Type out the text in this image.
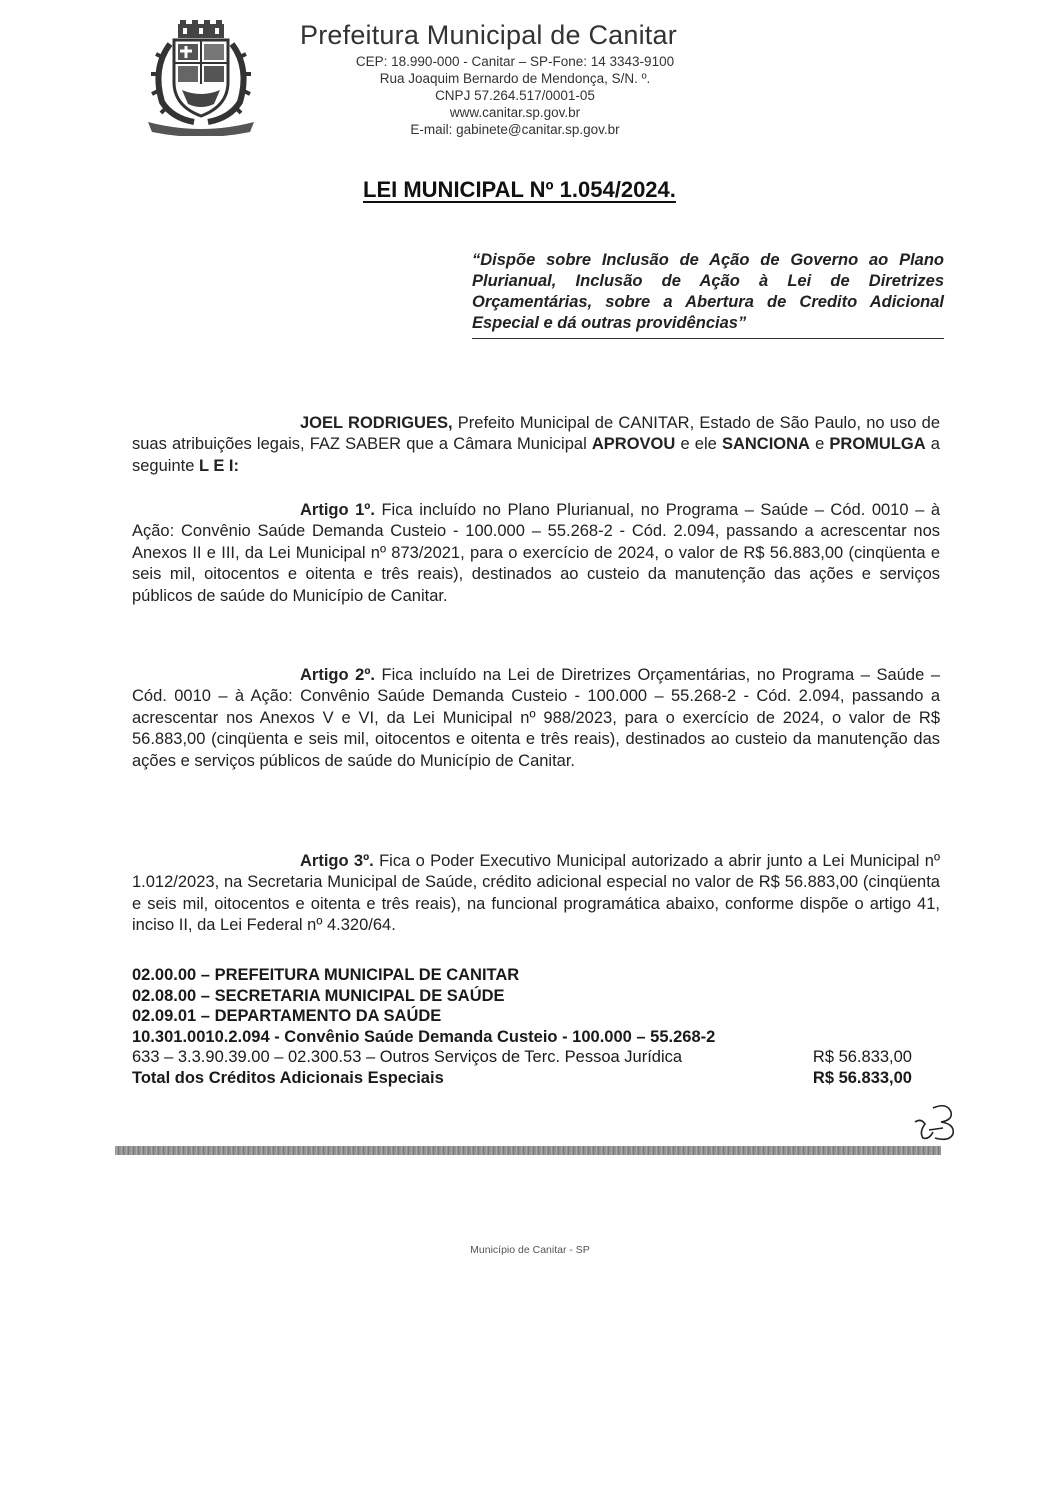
Prefeitura Municipal de Canitar
CEP: 18.990-000 - Canitar – SP-Fone: 14 3343-9100
Rua Joaquim Bernardo de Mendonça, S/N. º.
CNPJ 57.264.517/0001-05
www.canitar.sp.gov.br
E-mail: gabinete@canitar.sp.gov.br
LEI MUNICIPAL Nº 1.054/2024.
“Dispõe sobre Inclusão de Ação de Governo ao Plano Plurianual, Inclusão de Ação à Lei de Diretrizes Orçamentárias, sobre a Abertura de Credito Adicional Especial e dá outras providências”

JOEL RODRIGUES, Prefeito Municipal de CANITAR, Estado de São Paulo, no uso de suas atribuições legais, FAZ SABER que a Câmara Municipal APROVOU e ele SANCIONA e PROMULGA a seguinte L E I:

Artigo 1º. Fica incluído no Plano Plurianual, no Programa – Saúde – Cód. 0010 – à Ação: Convênio Saúde Demanda Custeio - 100.000 – 55.268-2 - Cód. 2.094, passando a acrescentar nos Anexos II e III, da Lei Municipal nº 873/2021, para o exercício de 2024, o valor de R$ 56.883,00 (cinqüenta e seis mil, oitocentos e oitenta e três reais), destinados ao custeio da manutenção das ações e serviços públicos de saúde do Município de Canitar.

Artigo 2º. Fica incluído na Lei de Diretrizes Orçamentárias, no Programa – Saúde – Cód. 0010 – à Ação: Convênio Saúde Demanda Custeio - 100.000 – 55.268-2 - Cód. 2.094, passando a acrescentar nos Anexos V e VI, da Lei Municipal nº 988/2023, para o exercício de 2024, o valor de R$ 56.883,00 (cinqüenta e seis mil, oitocentos e oitenta e três reais), destinados ao custeio da manutenção das ações e serviços públicos de saúde do Município de Canitar.

Artigo 3º. Fica o Poder Executivo Municipal autorizado a abrir junto a Lei Municipal nº 1.012/2023, na Secretaria Municipal de Saúde, crédito adicional especial no valor de R$ 56.883,00 (cinqüenta e seis mil, oitocentos e oitenta e três reais), na funcional programática abaixo, conforme dispõe o artigo 41, inciso II, da Lei Federal nº 4.320/64.

02.00.00 – PREFEITURA MUNICIPAL DE CANITAR
02.08.00 – SECRETARIA MUNICIPAL DE SAÚDE
02.09.01 – DEPARTAMENTO DA SAÚDE
10.301.0010.2.094 - Convênio Saúde Demanda Custeio - 100.000 – 55.268-2
633 – 3.3.90.39.00 – 02.300.53 – Outros Serviços de Terc. Pessoa Jurídica	R$ 56.833,00
Total dos Créditos Adicionais Especiais	R$ 56.833,00
Município de Canitar - SP
